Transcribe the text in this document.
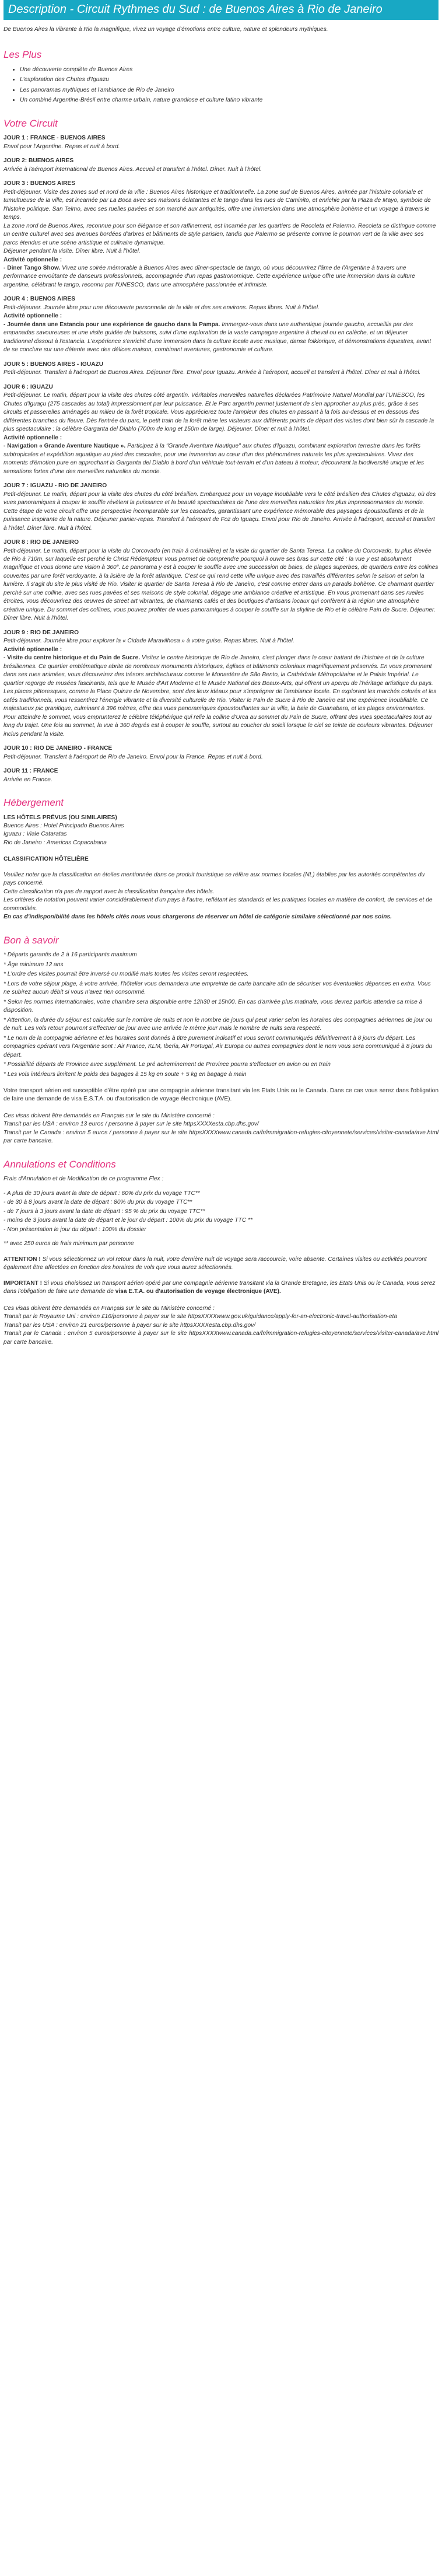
Description - Circuit Rythmes du Sud : de Buenos Aires à Rio de Janeiro

De Buenos Aires la vibrante à Rio la magnifique, vivez un voyage d'émotions entre culture, nature et splendeurs mythiques.

Les Plus
• Une découverte complète de Buenos Aires
• L'exploration des Chutes d'Iguazu
• Les panoramas mythiques et l'ambiance de Rio de Janeiro
• Un combiné Argentine-Brésil entre charme urbain, nature grandiose et culture latino vibrante
Votre Circuit

JOUR 1 : FRANCE - BUENOS AIRES

Envol pour l'Argentine. Repas et nuit à bord.

JOUR 2: BUENOS AIRES

Arrivée à l'aéroport international de Buenos Aires. Accueil et transfert à l'hôtel. Dîner. Nuit à l'hôtel.

JOUR 3 : BUENOS AIRES

Petit-déjeuner. Visite des zones sud et nord de la ville : Buenos Aires historique et traditionnelle. La zone sud de Buenos Aires, animée par l'histoire coloniale et tumultueuse de la ville, est incarnée par La Boca avec ses maisons éclatantes et le tango dans les rues de Caminito, et enrichie par la Plaza de Mayo, symbole de l'histoire politique. San Telmo, avec ses ruelles pavées et son marché aux antiquités, offre une immersion dans une atmosphère bohème et un voyage à travers le temps.
La zone nord de Buenos Aires, reconnue pour son élégance et son raffinement, est incarnée par les quartiers de Recoleta et Palermo. Recoleta se distingue comme un centre culturel avec ses avenues bordées d'arbres et bâtiments de style parisien, tandis que Palermo se présente comme le poumon vert de la ville avec ses parcs étendus et une scène artistique et culinaire dynamique.
Déjeuner pendant la visite. Dîner libre. Nuit à l'hôtel.

Activité optionnelle :

- Diner Tango Show. Vivez une soirée mémorable à Buenos Aires avec dîner-spectacle de tango, où vous découvrirez l'âme de l'Argentine à travers une performance envoûtante de danseurs professionnels, accompagnée d'un repas gastronomique. Cette expérience unique offre une immersion dans la culture argentine, célébrant le tango, reconnu par l'UNESCO, dans une atmosphère passionnée et intimiste.

JOUR 4 : BUENOS AIRES

Petit-déjeuner. Journée libre pour une découverte personnelle de la ville et des ses environs. Repas libres. Nuit à l'hôtel.

Activité optionnelle :

- Journée dans une Estancia pour une expérience de gaucho dans la Pampa. Immergez-vous dans une authentique journée gaucho, accueillis par des empanadas savoureuses et une visite guidée de buissons, suivi d'une exploration de la vaste campagne argentine à cheval ou en calèche, et un déjeuner traditionnel dissout à l'estancia. L'expérience s'enrichit d'une immersion dans la culture locale avec musique, danse folklorique, et démonstrations équestres, avant de se conclure sur une détente avec des délices maison, combinant aventures, gastronomie et culture.

JOUR 5 : BUENOS AIRES - IGUAZU

Petit-déjeuner. Transfert à l'aéroport de Buenos Aires. Déjeuner libre. Envol pour Iguazu. Arrivée à l'aéroport, accueil et transfert à l'hôtel. Dîner et nuit à l'hôtel.

JOUR 6 : IGUAZU

Petit-déjeuner. Le matin, départ pour la visite des chutes côté argentin. Véritables merveilles naturelles déclarées Patrimoine Naturel Mondial par l'UNESCO, les Chutes d'Iguaçu (275 cascades au total) impressionnent par leur puissance. Et le Parc argentin permet justement de s'en approcher au plus près, grâce à ses circuits et passerelles aménagés au milieu de la forêt tropicale. Vous apprécierez toute l'ampleur des chutes en passant à la fois au-dessus et en dessous des différentes branches du fleuve. Dès l'entrée du parc, le petit train de la forêt mène les visiteurs aux différents points de départ des visites dont bien sûr la cascade la plus spectaculaire : la célèbre Garganta del Diablo (700m de long et 150m de large). Déjeuner. Dîner et nuit à l'hôtel.

Activité optionnelle :

- Navigation « Grande Aventure Nautique ». Participez à la "Grande Aventure Nautique" aux chutes d'Iguazu, combinant exploration terrestre dans les forêts subtropicales et expédition aquatique au pied des cascades, pour une immersion au cœur d'un des phénomènes naturels les plus spectaculaires. Vivez des moments d'émotion pure en approchant la Garganta del Diablo à bord d'un véhicule tout-terrain et d'un bateau à moteur, découvrant la biodiversité unique et les sensations fortes d'une des merveilles naturelles du monde.

JOUR 7 : IGUAZU - RIO DE JANEIRO

Petit-déjeuner. Le matin, départ pour la visite des chutes du côté brésilien. Embarquez pour un voyage inoubliable vers le côté brésilien des Chutes d'Iguazu, où des vues panoramiques à couper le souffle révèlent la puissance et la beauté spectaculaires de l'une des merveilles naturelles les plus impressionnantes du monde. Cette étape de votre circuit offre une perspective incomparable sur les cascades, garantissant une expérience mémorable des paysages époustouflants et de la puissance inspirante de la nature. Déjeuner panier-repas. Transfert à l'aéroport de Foz do Iguaçu. Envol pour Rio de Janeiro. Arrivée à l'aéroport, accueil et transfert à l'hôtel. Dîner libre. Nuit à l'hôtel.

JOUR 8 : RIO DE JANEIRO

Petit-déjeuner. Le matin, départ pour la visite du Corcovado (en train à crémaillère) et la visite du quartier de Santa Teresa. La colline du Corcovado, tu plus élevée de Rio à 710m, sur laquelle est perché le Christ Rédempteur vous permet de comprendre pourquoi il ouvre ses bras sur cette cité : la vue y est absolument magnifique et vous donne une vision à 360°. Le panorama y est à couper le souffle avec une succession de baies, de plages superbes, de quartiers entre les collines couvertes par une forêt verdoyante, à la lisière de la forêt atlantique. C'est ce qui rend cette ville unique avec des travaillés différentes selon le saison et selon la lumière. Il s'agit du site le plus visité de Rio. Visiter le quartier de Santa Teresa à Rio de Janeiro, c'est comme entrer dans un paradis bohème. Ce charmant quartier perché sur une colline, avec ses rues pavées et ses maisons de style colonial, dégage une ambiance créative et artistique. En vous promenant dans ses ruelles étroites, vous découvrirez des œuvres de street art vibrantes, de charmants cafés et des boutiques d'artisans locaux qui confèrent à la région une atmosphère créative unique. Du sommet des collines, vous pouvez profiter de vues panoramiques à couper le souffle sur la skyline de Rio et le célèbre Pain de Sucre. Déjeuner. Dîner libre. Nuit à l'hôtel.

JOUR 9 : RIO DE JANEIRO

Petit-déjeuner. Journée libre pour explorer la « Cidade Maravilhosa » à votre guise. Repas libres. Nuit à l'hôtel.

Activité optionnelle :

- Visite du centre historique et du Pain de Sucre. Visitez le centre historique de Rio de Janeiro, c'est plonger dans le cœur battant de l'histoire et de la culture brésiliennes. Ce quartier emblématique abrite de nombreux monuments historiques, églises et bâtiments coloniaux magnifiquement préservés. En vous promenant dans ses rues animées, vous découvrirez des trésors architecturaux comme le Monastère de São Bento, la Cathédrale Métropolitaine et le Palais Impérial. Le quartier regorge de musées fascinants, tels que le Musée d'Art Moderne et le Musée National des Beaux-Arts, qui offrent un aperçu de l'héritage artistique du pays. Les places pittoresques, comme la Place Quinze de Novembre, sont des lieux idéaux pour s'imprégner de l'ambiance locale. En explorant les marchés colorés et les cafés traditionnels, vous ressentirez l'énergie vibrante et la diversité culturelle de Rio. Visiter le Pain de Sucre à Rio de Janeiro est une expérience inoubliable. Ce majestueux pic granitique, culminant à 396 mètres, offre des vues panoramiques époustouflantes sur la ville, la baie de Guanabara, et les plages environnantes. Pour atteindre le sommet, vous emprunterez le célèbre téléphérique qui relie la colline d'Urca au sommet du Pain de Sucre, offrant des vues spectaculaires tout au long du trajet. Une fois au sommet, la vue à 360 degrés est à couper le souffle, surtout au coucher du soleil lorsque le ciel se teinte de couleurs vibrantes. Déjeuner inclus pendant la visite.

JOUR 10 : RIO DE JANEIRO - FRANCE

Petit-déjeuner. Transfert à l'aéroport de Rio de Janeiro. Envol pour la France. Repas et nuit à bord.

JOUR 11 : FRANCE

Arrivée en France.

Hébergement

LES HÔTELS PRÉVUS (OU SIMILAIRES)

Buenos Aires : Hotel Principado Buenos Aires

Iguazu : Viale Cataratas

Rio de Janeiro : Americas Copacabana

CLASSIFICATION HÔTELIÈRE

Veuillez noter que la classification en étoiles mentionnée dans ce produit touristique se réfère aux normes locales (NL) établies par les autorités compétentes du pays concerné.

Cette classification n'a pas de rapport avec la classification française des hôtels.

Les critères de notation peuvent varier considérablement d'un pays à l'autre, reflétant les standards et les pratiques locales en matière de confort, de services et de commodités.

En cas d'indisponibilité dans les hôtels cités nous vous chargerons de réserver un hôtel de catégorie similaire sélectionné par nos soins.

Bon à savoir

* Départs garantis de 2 à 16 participants maximum

* Âge minimum 12 ans

* L'ordre des visites pourrait être inversé ou modifié mais toutes les visites seront respectées.

* Lors de votre séjour plage, à votre arrivée, l'hôtelier vous demandera une empreinte de carte bancaire afin de sécuriser vos éventuelles dépenses en extra. Vous ne subirez aucun débit si vous n'avez rien consommé.

* Selon les normes internationales, votre chambre sera disponible entre 12h30 et 15h00. En cas d'arrivée plus matinale, vous devrez parfois attendre sa mise à disposition.

* Attention, la durée du séjour est calculée sur le nombre de nuits et non le nombre de jours qui peut varier selon les horaires des compagnies aériennes de jour ou de nuit. Les vols retour pourront s'effectuer de jour avec une arrivée le même jour mais le nombre de nuits sera respecté.

* Le nom de la compagnie aérienne et les horaires sont donnés à titre purement indicatif et vous seront communiqués définitivement à 8 jours du départ. Les compagnies opérant vers l'Argentine sont : Air France, KLM, Iberia, Air Portugal, Air Europa ou autres compagnies dont le nom vous sera communiqué à 8 jours du départ.

* Possibilité départs de Province avec supplément. Le pré acheminement de Province pourra s'effectuer en avion ou en train

* Les vols intérieurs limitent le poids des bagages à 15 kg en soute + 5 kg en bagage à main

Votre transport aérien est susceptible d'être opéré par une compagnie aérienne transitant via les Etats Unis ou le Canada. Dans ce cas vous serez dans l'obligation de faire une demande de visa E.S.T.A. ou d'autorisation de voyage électronique (AVE).

Ces visas doivent être demandés en Français sur le site du Ministère concerné :
Transit par les USA : environ 13 euros / personne à payer sur le site httpsXXXXesta.cbp.dhs.gov/
Transit par le Canada : environ 5 euros / personne à payer sur le site httpsXXXXwww.canada.ca/fr/immigration-refugies-citoyennete/services/visiter-canada/ave.html par carte bancaire.

Annulations et Conditions

Frais d'Annulation et de Modification de ce programme Flex :

- A plus de 30 jours avant la date de départ : 60% du prix du voyage TTC**

- de 30 à 8 jours avant la date de départ : 80% du prix du voyage TTC**

- de 7 jours à 3 jours avant la date de départ : 95 % du prix du voyage TTC**

- moins de 3 jours avant la date de départ et le jour du départ : 100% du prix du voyage TTC **

- Non présentation le jour du départ : 100% du dossier

** avec 250 euros de frais minimum par personne

ATTENTION ! Si vous sélectionnez un vol retour dans la nuit, votre dernière nuit de voyage sera raccourcie, voire absente. Certaines visites ou activités pourront également être affectées en fonction des horaires de vols que vous aurez sélectionnés.

IMPORTANT ! Si vous choisissez un transport aérien opéré par une compagnie aérienne transitant via la Grande Bretagne, les Etats Unis ou le Canada, vous serez dans l'obligation de faire une demande de visa E.T.A. ou d'autorisation de voyage électronique (AVE).

Ces visas doivent être demandés en Français sur le site du Ministère concerné :
Transit par le Royaume Uni : environ £16/personne à payer sur le site httpsXXXXwww.gov.uk/guidance/apply-for-an-electronic-travel-authorisation-eta
Transit par les USA : environ 21 euros/personne à payer sur le site httpsXXXXesta.cbp.dhs.gov/
Transit par le Canada : environ 5 euros/personne à payer sur le site httpsXXXXwww.canada.ca/fr/immigration-refugies-citoyennete/services/visiter-canada/ave.html par carte bancaire.
